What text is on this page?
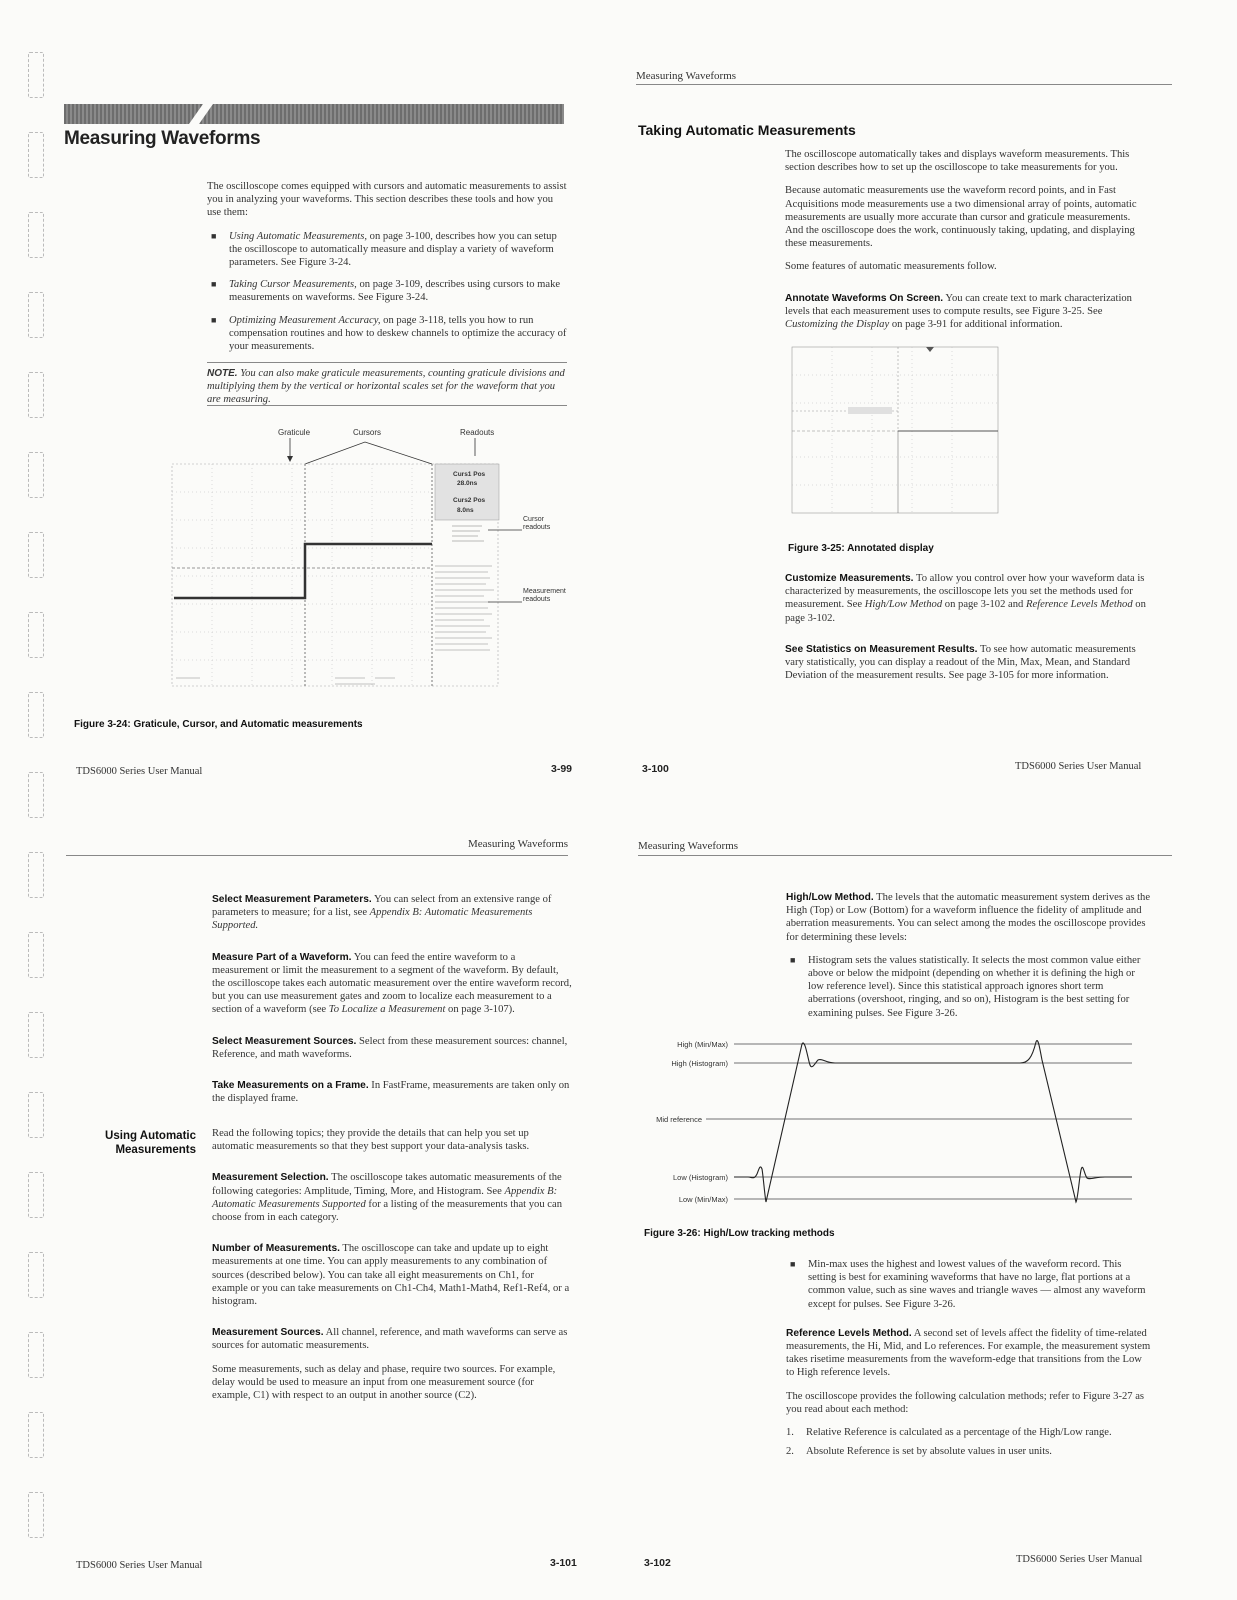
Measuring Waveforms

The oscilloscope comes equipped with cursors and automatic measurements to assist you in analyzing your waveforms. This section describes these tools and how you use them:

■ Using Automatic Measurements, on page 3-100, describes how you can setup the oscilloscope to automatically measure and display a variety of waveform parameters. See Figure 3-24.
■ Taking Cursor Measurements, on page 3-109, describes using cursors to make measurements on waveforms. See Figure 3-24.
■ Optimizing Measurement Accuracy, on page 3-118, tells you how to run compensation routines and how to deskew channels to optimize the accuracy of your measurements.
NOTE. You can also make graticule measurements, counting graticule divisions and multiplying them by the vertical or horizontal scales set for the waveform that you are measuring.
Graticule	Cursors	Readouts
Curs1 Pos
28.0ns
Curs2 Pos
8.0ns
Cursor readouts
Measurement readouts
Figure 3-24: Graticule, Cursor, and Automatic measurements
TDS6000 Series User Manual	3-99
Measuring Waveforms
Taking Automatic Measurements

The oscilloscope automatically takes and displays waveform measurements. This section describes how to set up the oscilloscope to take measurements for you.

Because automatic measurements use the waveform record points, and in Fast Acquisitions mode measurements use a two dimensional array of points, automatic measurements are usually more accurate than cursor and graticule measurements. And the oscilloscope does the work, continuously taking, updating, and displaying these measurements.

Some features of automatic measurements follow.

Annotate Waveforms On Screen. You can create text to mark characterization levels that each measurement uses to compute results, see Figure 3-25. See Customizing the Display on page 3-91 for additional information.

Figure 3-25: Annotated display

Customize Measurements. To allow you control over how your waveform data is characterized by measurements, the oscilloscope lets you set the methods used for measurement. See High/Low Method on page 3-102 and Reference Levels Method on page 3-102.

See Statistics on Measurement Results. To see how automatic measurements vary statistically, you can display a readout of the Min, Max, Mean, and Standard Deviation of the measurement results. See page 3-105 for more information.

3-100	TDS6000 Series User Manual
Measuring Waveforms

Select Measurement Parameters. You can select from an extensive range of parameters to measure; for a list, see Appendix B: Automatic Measurements Supported.

Measure Part of a Waveform. You can feed the entire waveform to a measurement or limit the measurement to a segment of the waveform. By default, the oscilloscope takes each automatic measurement over the entire waveform record, but you can use measurement gates and zoom to localize each measurement to a section of a waveform (see To Localize a Measurement on page 3-107).

Select Measurement Sources. Select from these measurement sources: channel, Reference, and math waveforms.

Take Measurements on a Frame. In FastFrame, measurements are taken only on the displayed frame.

Using Automatic
Measurements

Read the following topics; they provide the details that can help you set up automatic measurements so that they best support your data-analysis tasks.

Measurement Selection. The oscilloscope takes automatic measurements of the following categories: Amplitude, Timing, More, and Histogram. See Appendix B: Automatic Measurements Supported for a listing of the measurements that you can choose from in each category.

Number of Measurements. The oscilloscope can take and update up to eight measurements at one time. You can apply measurements to any combination of sources (described below). You can take all eight measurements on Ch1, for example or you can take measurements on Ch1-Ch4, Math1-Math4, Ref1-Ref4, or a histogram.

Measurement Sources. All channel, reference, and math waveforms can serve as sources for automatic measurements.

Some measurements, such as delay and phase, require two sources. For example, delay would be used to measure an input from one measurement source (for example, C1) with respect to an output in another source (C2).

TDS6000 Series User Manual	3-101
Measuring Waveforms

High/Low Method. The levels that the automatic measurement system derives as the High (Top) or Low (Bottom) for a waveform influence the fidelity of amplitude and aberration measurements. You can select among the modes the oscilloscope provides for determining these levels:

■ Histogram sets the values statistically. It selects the most common value either above or below the midpoint (depending on whether it is defining the high or low reference level). Since this statistical approach ignores short term aberrations (overshoot, ringing, and so on), Histogram is the best setting for examining pulses. See Figure 3-26.
High (Min/Max)
High (Histogram)
Mid reference
Low (Histogram)
Low (Min/Max)
Figure 3-26: High/Low tracking methods
■ Min-max uses the highest and lowest values of the waveform record. This setting is best for examining waveforms that have no large, flat portions at a common value, such as sine waves and triangle waves — almost any waveform except for pulses. See Figure 3-26.

Reference Levels Method. A second set of levels affect the fidelity of time-related measurements, the Hi, Mid, and Lo references. For example, the measurement system takes risetime measurements from the waveform-edge that transitions from the Low to High reference levels.

The oscilloscope provides the following calculation methods; refer to Figure 3-27 as you read about each method:

1. Relative Reference is calculated as a percentage of the High/Low range.
2. Absolute Reference is set by absolute values in user units.
3-102	TDS6000 Series User Manual
